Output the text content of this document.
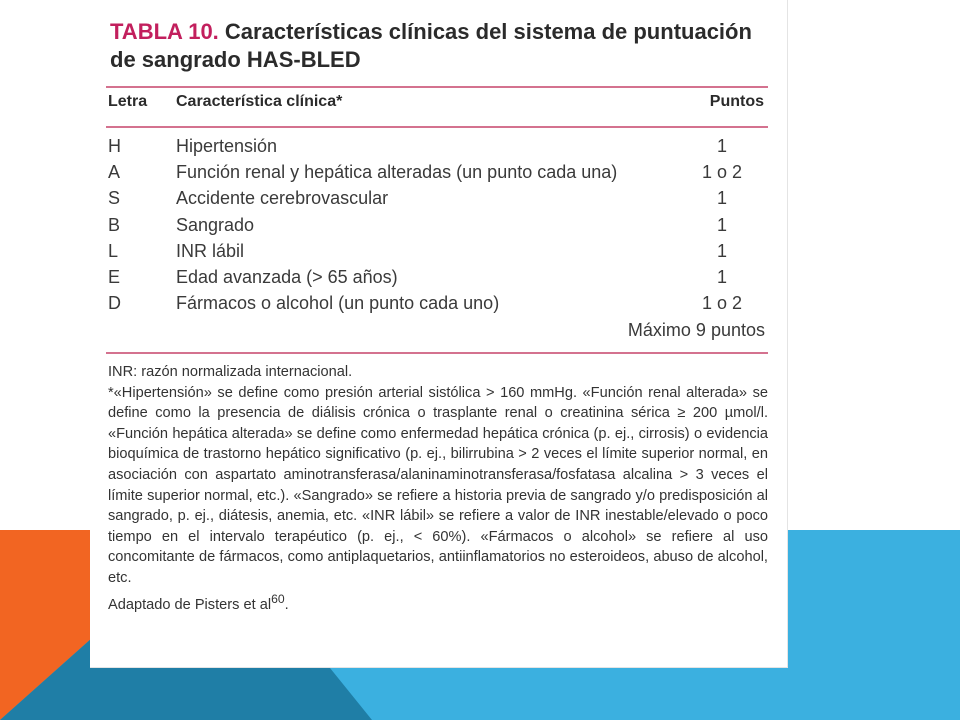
TABLA 10. Características clínicas del sistema de puntuación de sangrado HAS-BLED
Letra Característica clínica*	Puntos
H	Hipertensión	1
A	Función renal y hepática alteradas (un punto cada una)	1 o 2
S	Accidente cerebrovascular	1
B	Sangrado	1
L	INR lábil	1
E	Edad avanzada (> 65 años)	1
D	Fármacos o alcohol (un punto cada uno)	1 o 2
Máximo 9 puntos

INR: razón normalizada internacional.

*«Hipertensión» se define como presión arterial sistólica > 160 mmHg. «Función renal alterada» se define como la presencia de diálisis crónica o trasplante renal o creatinina sérica ≥ 200 µmol/l. «Función hepática alterada» se define como enfermedad hepática crónica (p. ej., cirrosis) o evidencia bioquímica de trastorno hepático significativo (p. ej., bilirrubina > 2 veces el límite superior normal, en asociación con aspartato aminotransferasa/alaninaminotransferasa/fosfatasa alcalina > 3 veces el límite superior normal, etc.). «Sangrado» se refiere a historia previa de sangrado y/o predisposición al sangrado, p. ej., diátesis, anemia, etc. «INR lábil» se refiere a valor de INR inestable/elevado o poco tiempo en el intervalo terapéutico (p. ej., < 60%). «Fármacos o alcohol» se refiere al uso concomitante de fármacos, como antiplaquetarios, antiinflamatorios no esteroideos, abuso de alcohol, etc.

Adaptado de Pisters et $al^{60}$.
